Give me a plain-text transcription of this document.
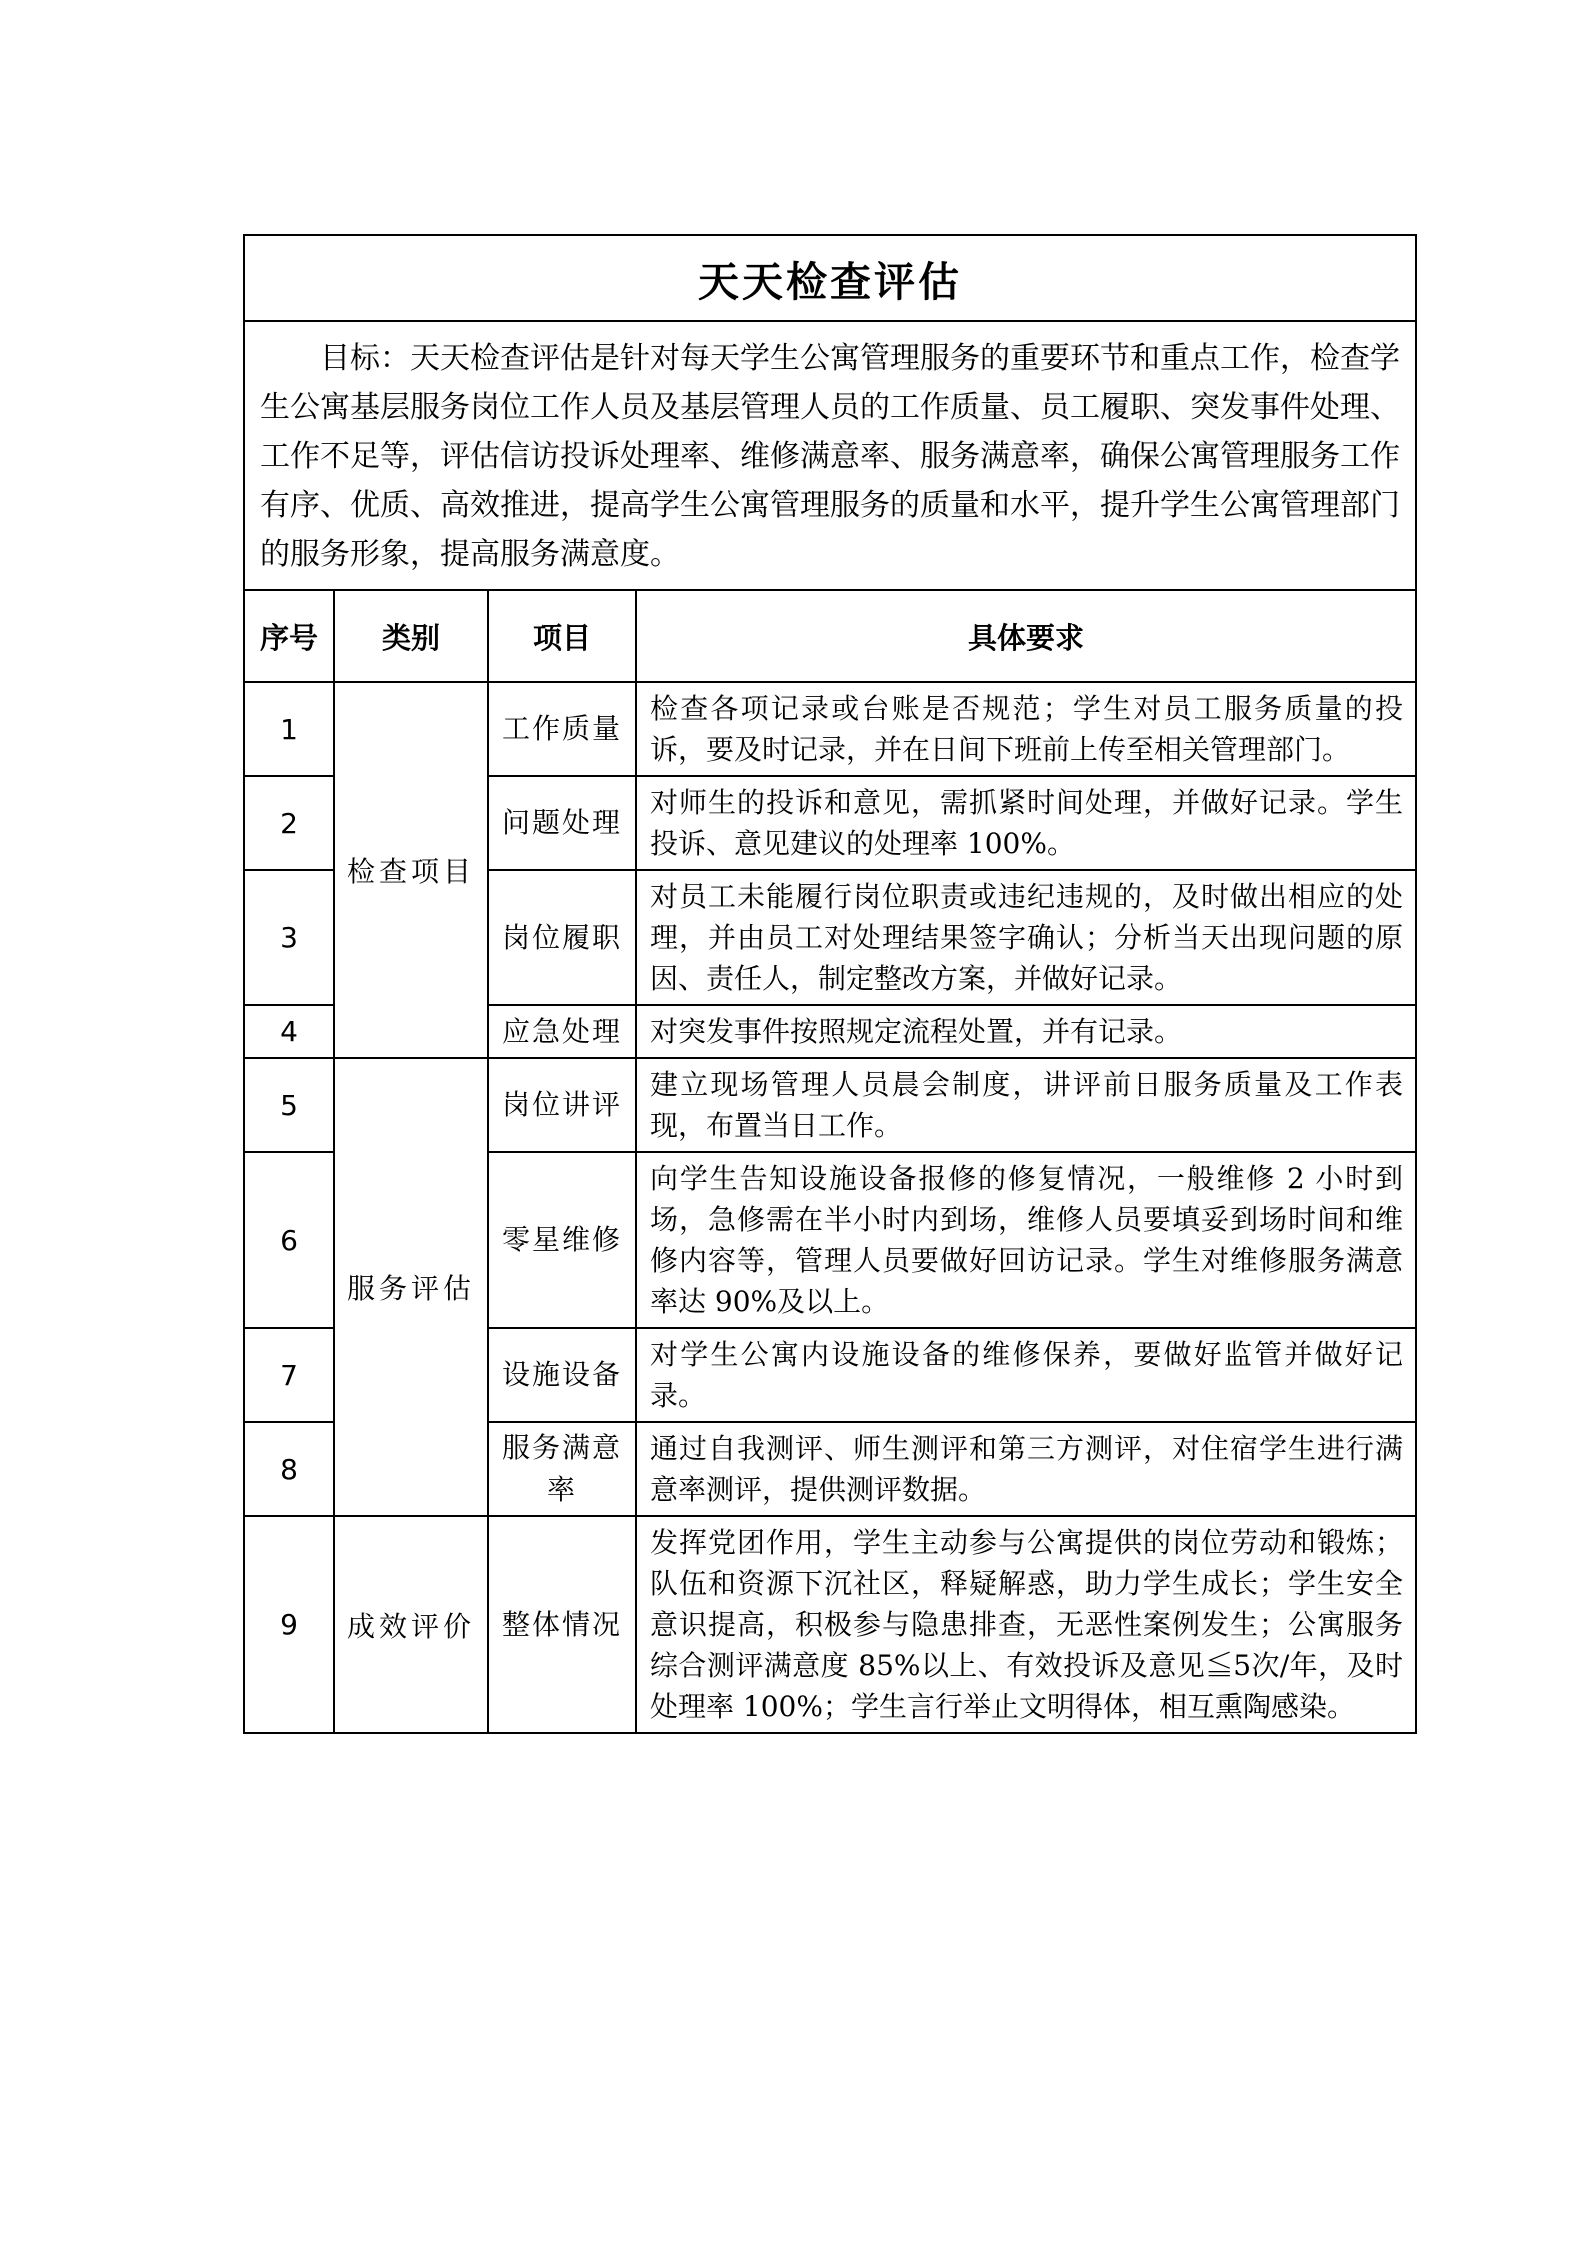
天天检查评估			

目标：天天检查评估是针对每天学生公寓管理服务的重要环节和重点工作，检查学生公寓基层服务岗位工作人员及基层管理人员的工作质量、员工履职、突发事件处理、工作不足等，评估信访投诉处理率、维修满意率、服务满意率，确保公寓管理服务工作有序、优质、高效推进，提高学生公寓管理服务的质量和水平，提升学生公寓管理部门的服务形象，提高服务满意度。			

序号	类别	项目	具体要求
1	检查项目	工作质量	检查各项记录或台账是否规范；学生对员工服务质量的投诉，要及时记录，并在日间下班前上传至相关管理部门。
2		问题处理	对师生的投诉和意见，需抓紧时间处理，并做好记录。学生投诉、意见建议的处理率 100%。
3		岗位履职	对员工未能履行岗位职责或违纪违规的，及时做出相应的处理，并由员工对处理结果签字确认；分析当天出现问题的原因、责任人，制定整改方案，并做好记录。
4		应急处理	对突发事件按照规定流程处置，并有记录。
5	服务评估	岗位讲评	建立现场管理人员晨会制度，讲评前日服务质量及工作表现，布置当日工作。
6		零星维修	向学生告知设施设备报修的修复情况，一般维修 2 小时到场，急修需在半小时内到场，维修人员要填妥到场时间和维修内容等，管理人员要做好回访记录。学生对维修服务满意率达 90%及以上。
7		设施设备	对学生公寓内设施设备的维修保养，要做好监管并做好记录。
8		服务满意率	通过自我测评、师生测评和第三方测评，对住宿学生进行满意率测评，提供测评数据。
9	成效评价	整体情况	发挥党团作用，学生主动参与公寓提供的岗位劳动和锻炼；队伍和资源下沉社区，释疑解惑，助力学生成长；学生安全意识提高，积极参与隐患排查，无恶性案例发生；公寓服务综合测评满意度 85%以上、有效投诉及意见≦5次/年，及时处理率 100%；学生言行举止文明得体，相互熏陶感染。
